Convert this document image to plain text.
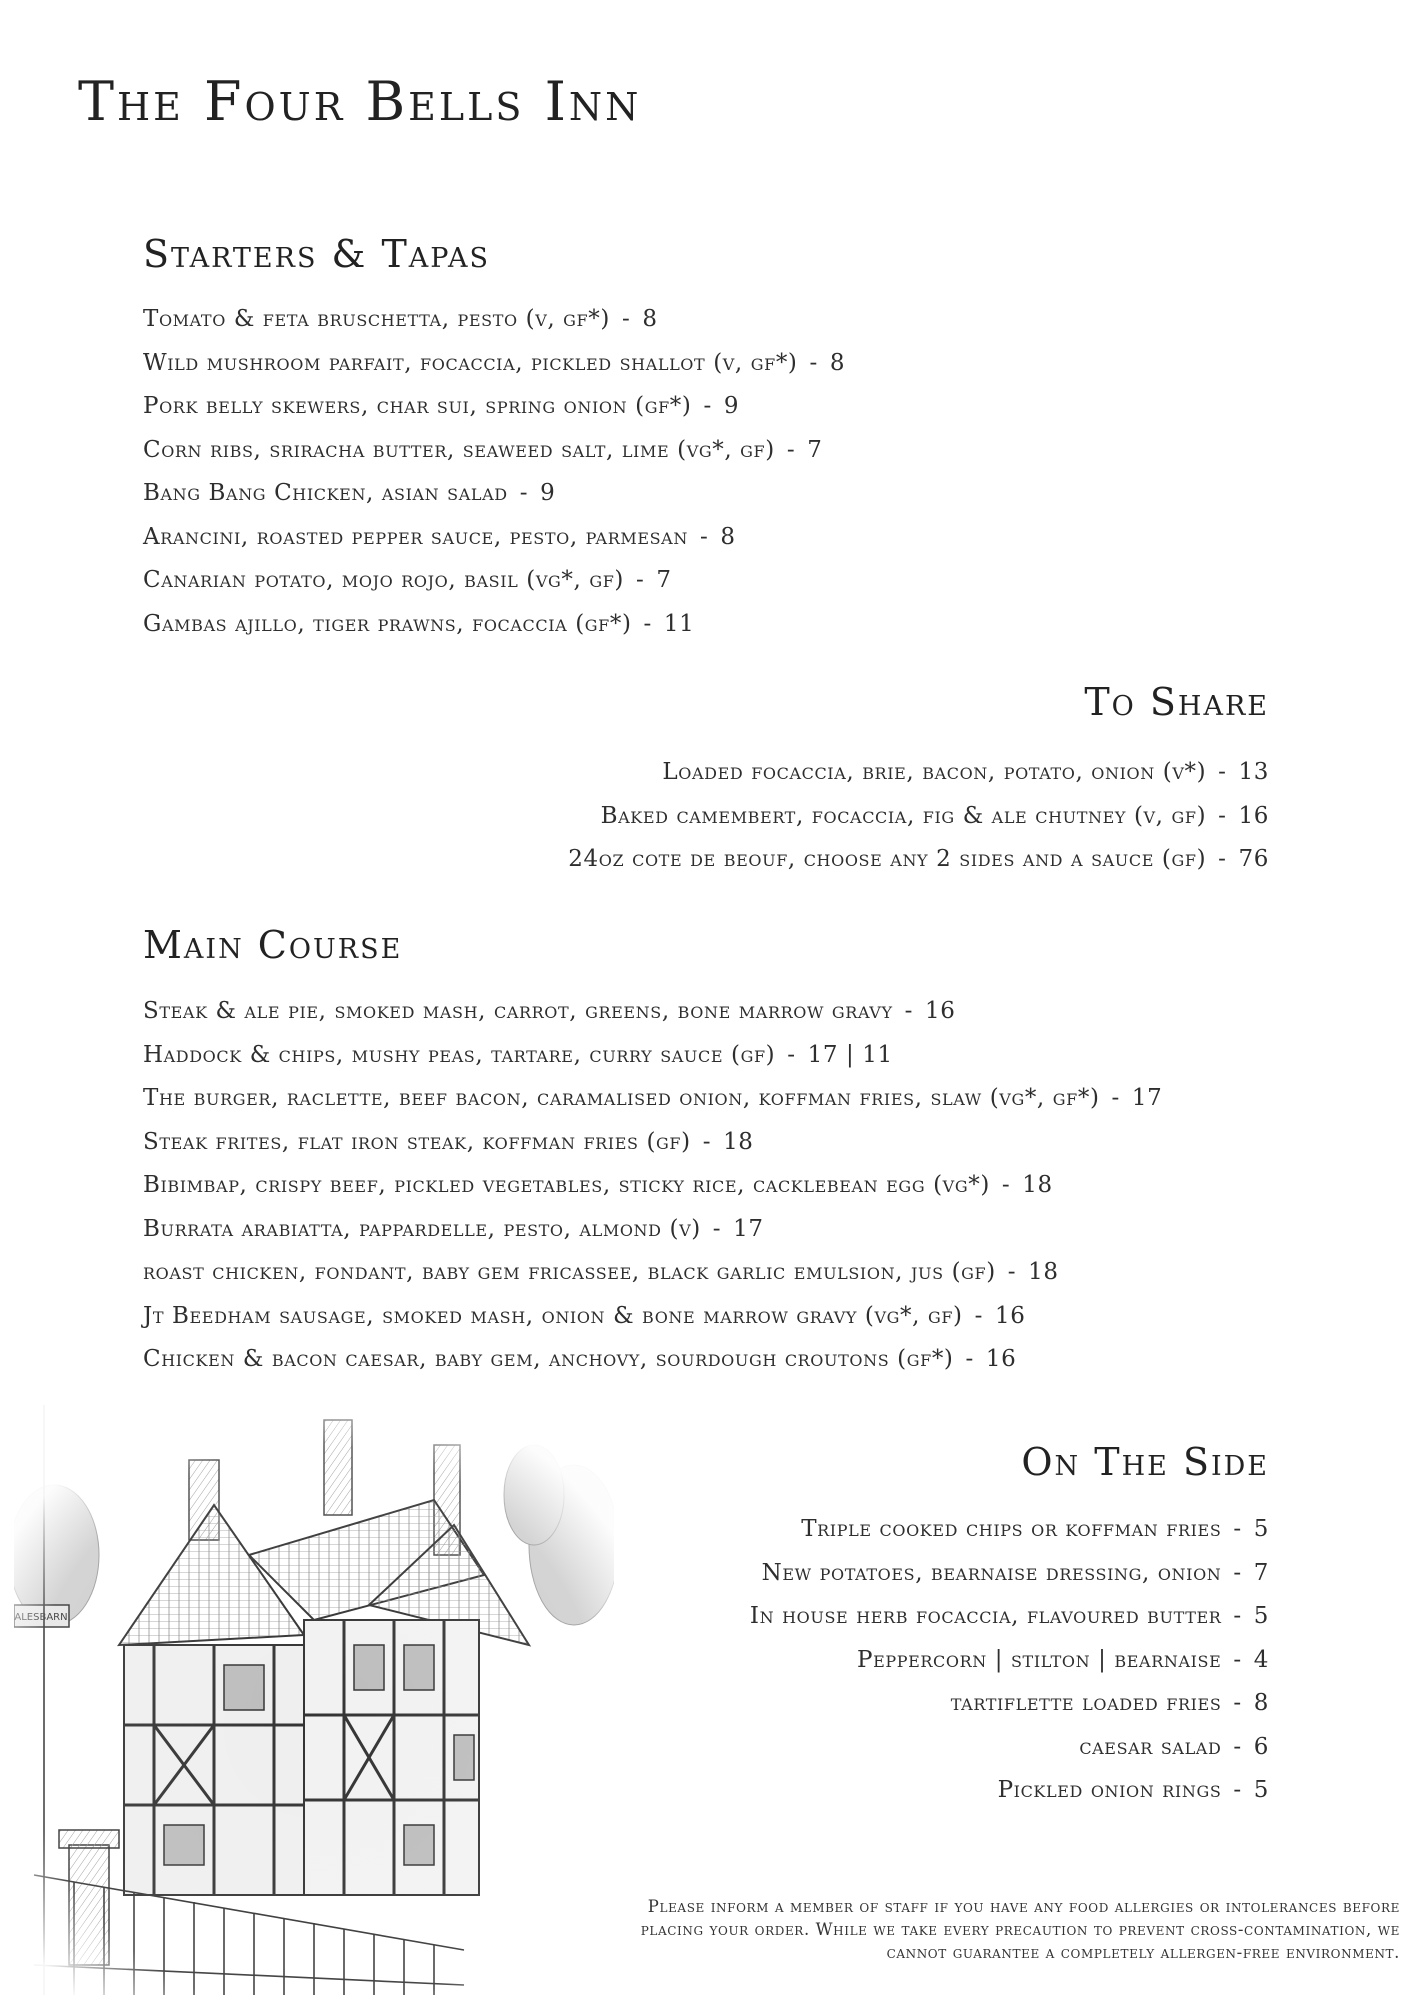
The Four Bells Inn
Starters & Tapas
Tomato & feta bruschetta, pesto (v, gf*) - 8
Wild mushroom parfait, focaccia, pickled shallot (v, gf*) - 8
Pork belly skewers, char sui, spring onion (gf*) - 9
Corn ribs, sriracha butter, seaweed salt, lime (vg*, gf) - 7
Bang Bang Chicken, asian salad - 9
Arancini, roasted pepper sauce, pesto, parmesan - 8
Canarian potato, mojo rojo, basil (vg*, gf) - 7
Gambas ajillo, tiger prawns, focaccia (gf*) - 11
To Share
Loaded focaccia, brie, bacon, potato, onion (v*) - 13
Baked camembert, focaccia, fig & ale chutney (v, gf) - 16
24oz cote de beouf, choose any 2 sides and a sauce (gf) - 76
Main Course
Steak & ale pie, smoked mash, carrot, greens, bone marrow gravy - 16
Haddock & chips, mushy peas, tartare, curry sauce (gf) - 17 | 11
The burger, raclette, beef bacon, caramalised onion, koffman fries, slaw (vg*, gf*) - 17
Steak frites, flat iron steak, koffman fries (gf) - 18
Bibimbap, crispy beef, pickled vegetables, sticky rice, cacklebean egg (vg*) - 18
Burrata arabiatta, pappardelle, pesto, almond (v) - 17
roast chicken, fondant, baby gem fricassee, black garlic emulsion, jus (gf) - 18
Jt Beedham sausage, smoked mash, onion & bone marrow gravy (vg*, gf) - 16
Chicken & bacon caesar, baby gem, anchovy, sourdough croutons (gf*) - 16
On The Side
Triple cooked chips or koffman fries - 5
New potatoes, bearnaise dressing, onion - 7
In house herb focaccia, flavoured butter - 5
Peppercorn | stilton | bearnaise - 4
tartiflette loaded fries - 8
caesar salad - 6
Pickled onion rings - 5

Please inform a member of staff if you have any food allergies or intolerances before placing your order. While we take every precaution to prevent cross-contamination, we cannot guarantee a completely allergen-free environment.
